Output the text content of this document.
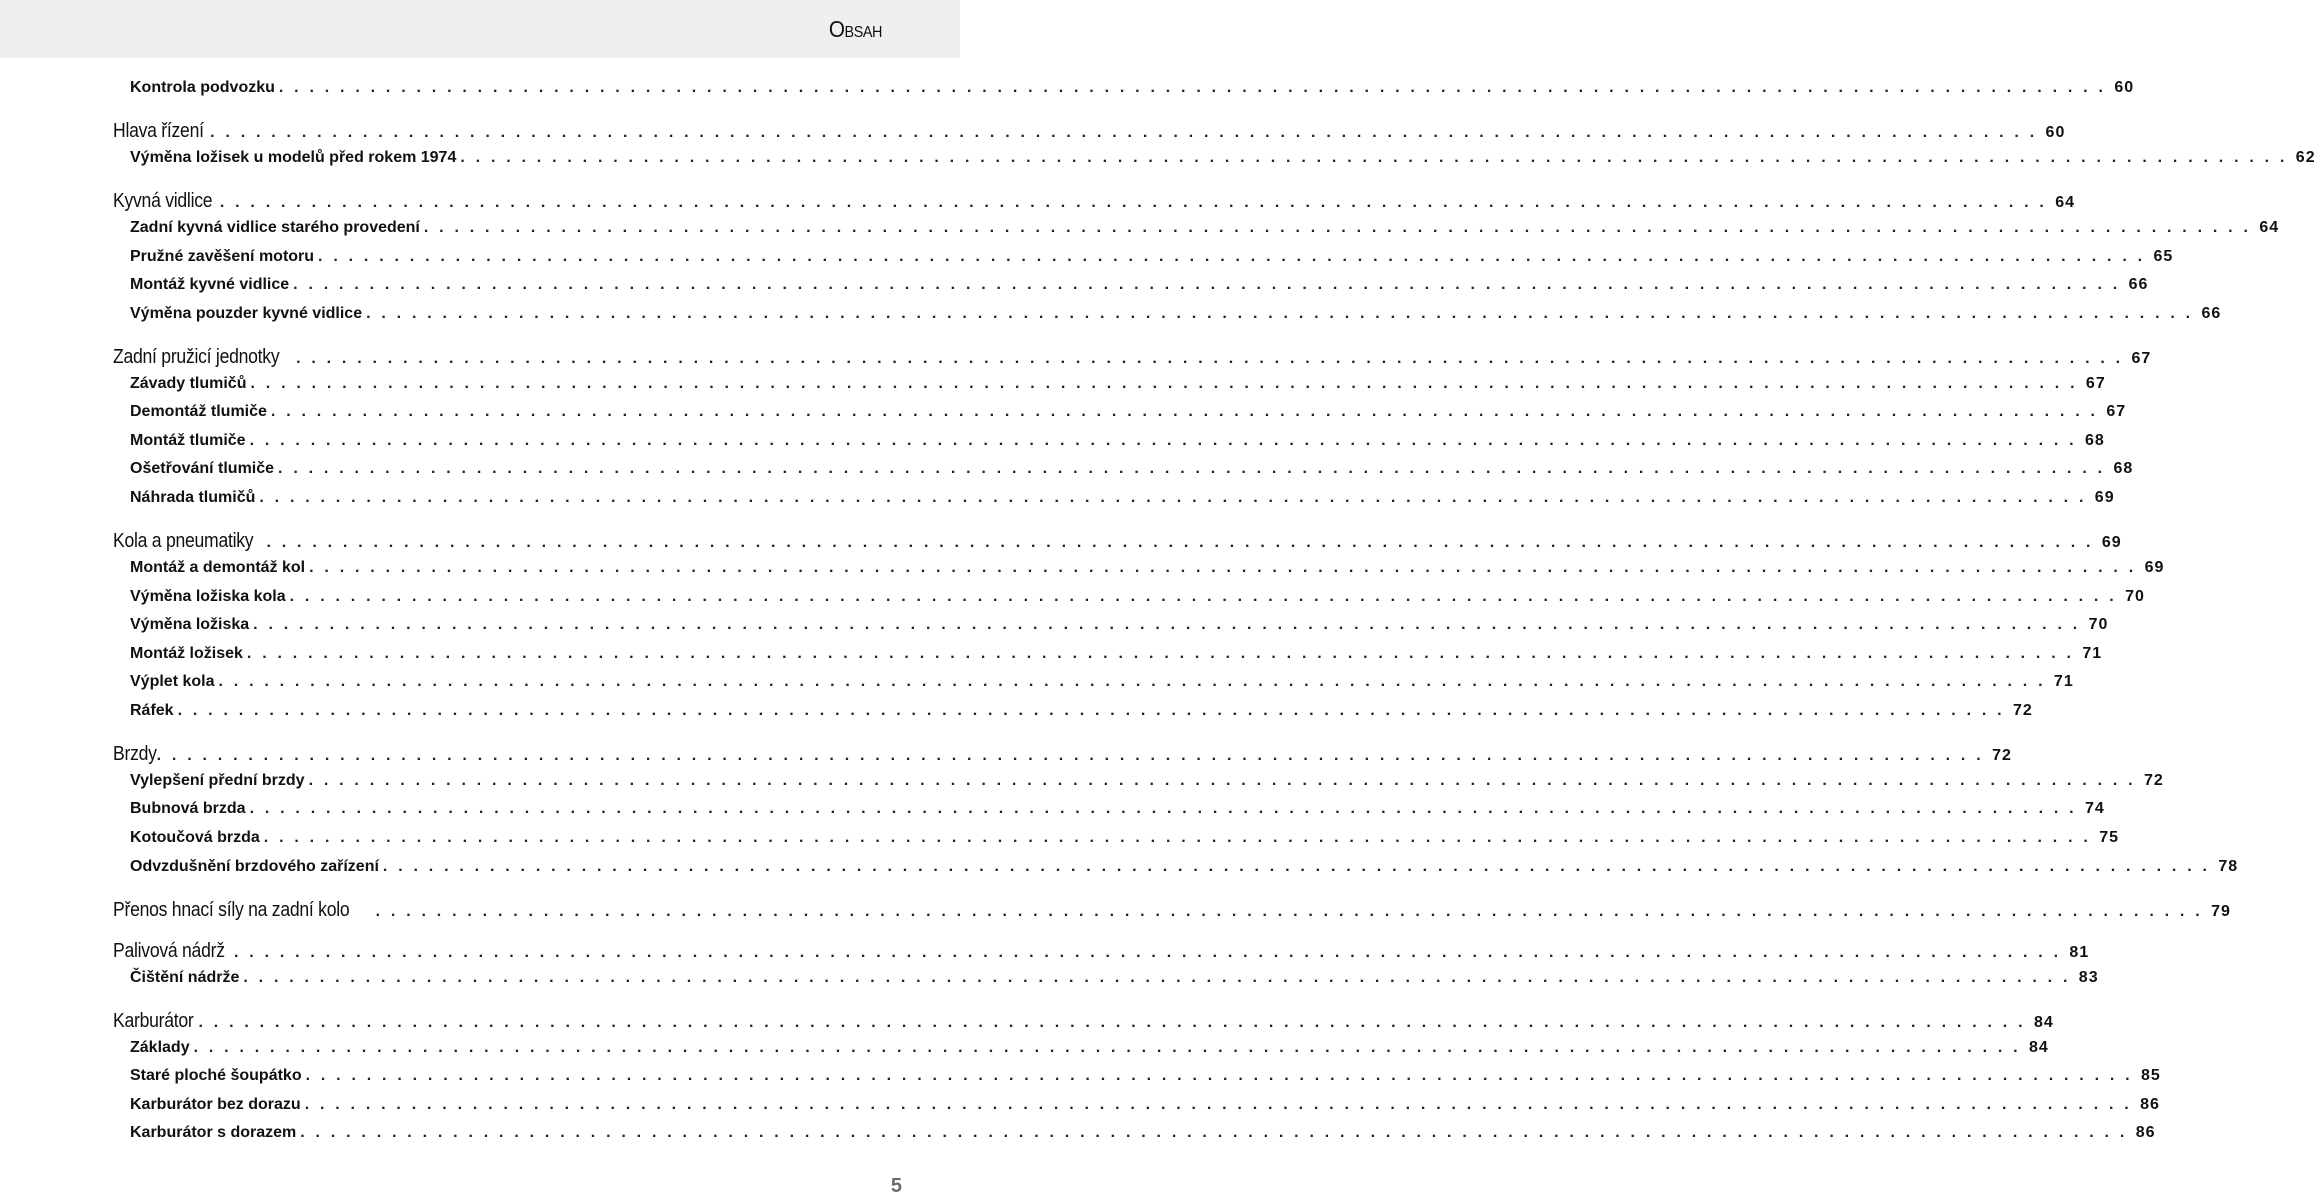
Obsah
Kontrola podvozku . . . . . . . . . . . . . . . . . . . . . . . . . . . . . . . . . . . . . . . . . . . . . . . . . . . . . . . . . . . . . . . . . . . . . . . . . . . . . . . . . . . . . . . . . . . . . . . . . . . . . . . . . . . . . . . . . . . . . . . . 60
Hlava řízení . . . . . . . . . . . . . . . . . . . . . . . . . . . . . . . . . . . . . . . . . . . . . . . . . . . . . . . . . . . . . . . . . . . . . . . . . . . . . . . . . . . . . . . . . . . . . . . . . . . . . . . . . . . . . . . . . . . . . . . . 60
Výměna ložisek u modelů před rokem 1974 . . . . . . . . . . . . . . . . . . . . . . . . . . . . . . . . . . . . . . . . . . . . . . . . . . . . . . . . . . . . . . . . . . . . . . . . . . . . . . . . . . . . . . . . . . . . . . . . . . . . . . . . . . . . . . . . . . . . . . . . 62
Kyvná vidlice . . . . . . . . . . . . . . . . . . . . . . . . . . . . . . . . . . . . . . . . . . . . . . . . . . . . . . . . . . . . . . . . . . . . . . . . . . . . . . . . . . . . . . . . . . . . . . . . . . . . . . . . . . . . . . . . . . . . . . . . 64
Zadní kyvná vidlice starého provedení . . . . . . . . . . . . . . . . . . . . . . . . . . . . . . . . . . . . . . . . . . . . . . . . . . . . . . . . . . . . . . . . . . . . . . . . . . . . . . . . . . . . . . . . . . . . . . . . . . . . . . . . . . . . . . . . . . . . . . . . 64
Pružné zavěšení motoru . . . . . . . . . . . . . . . . . . . . . . . . . . . . . . . . . . . . . . . . . . . . . . . . . . . . . . . . . . . . . . . . . . . . . . . . . . . . . . . . . . . . . . . . . . . . . . . . . . . . . . . . . . . . . . . . . . . . . . . . 65
Montáž kyvné vidlice . . . . . . . . . . . . . . . . . . . . . . . . . . . . . . . . . . . . . . . . . . . . . . . . . . . . . . . . . . . . . . . . . . . . . . . . . . . . . . . . . . . . . . . . . . . . . . . . . . . . . . . . . . . . . . . . . . . . . . . . 66
Výměna pouzder kyvné vidlice . . . . . . . . . . . . . . . . . . . . . . . . . . . . . . . . . . . . . . . . . . . . . . . . . . . . . . . . . . . . . . . . . . . . . . . . . . . . . . . . . . . . . . . . . . . . . . . . . . . . . . . . . . . . . . . . . . . . . . . . 66
Zadní pružicí jednotky . . . . . . . . . . . . . . . . . . . . . . . . . . . . . . . . . . . . . . . . . . . . . . . . . . . . . . . . . . . . . . . . . . . . . . . . . . . . . . . . . . . . . . . . . . . . . . . . . . . . . . . . . . . . . . . . . . . . . . . . 67
Závady tlumičů . . . . . . . . . . . . . . . . . . . . . . . . . . . . . . . . . . . . . . . . . . . . . . . . . . . . . . . . . . . . . . . . . . . . . . . . . . . . . . . . . . . . . . . . . . . . . . . . . . . . . . . . . . . . . . . . . . . . . . . . 67
Demontáž tlumiče . . . . . . . . . . . . . . . . . . . . . . . . . . . . . . . . . . . . . . . . . . . . . . . . . . . . . . . . . . . . . . . . . . . . . . . . . . . . . . . . . . . . . . . . . . . . . . . . . . . . . . . . . . . . . . . . . . . . . . . . 67
Montáž tlumiče . . . . . . . . . . . . . . . . . . . . . . . . . . . . . . . . . . . . . . . . . . . . . . . . . . . . . . . . . . . . . . . . . . . . . . . . . . . . . . . . . . . . . . . . . . . . . . . . . . . . . . . . . . . . . . . . . . . . . . . . 68
Ošetřování tlumiče . . . . . . . . . . . . . . . . . . . . . . . . . . . . . . . . . . . . . . . . . . . . . . . . . . . . . . . . . . . . . . . . . . . . . . . . . . . . . . . . . . . . . . . . . . . . . . . . . . . . . . . . . . . . . . . . . . . . . . . . 68
Náhrada tlumičů . . . . . . . . . . . . . . . . . . . . . . . . . . . . . . . . . . . . . . . . . . . . . . . . . . . . . . . . . . . . . . . . . . . . . . . . . . . . . . . . . . . . . . . . . . . . . . . . . . . . . . . . . . . . . . . . . . . . . . . . 69
Kola a pneumatiky . . . . . . . . . . . . . . . . . . . . . . . . . . . . . . . . . . . . . . . . . . . . . . . . . . . . . . . . . . . . . . . . . . . . . . . . . . . . . . . . . . . . . . . . . . . . . . . . . . . . . . . . . . . . . . . . . . . . . . . . 69
Montáž a demontáž kol . . . . . . . . . . . . . . . . . . . . . . . . . . . . . . . . . . . . . . . . . . . . . . . . . . . . . . . . . . . . . . . . . . . . . . . . . . . . . . . . . . . . . . . . . . . . . . . . . . . . . . . . . . . . . . . . . . . . . . . . 69
Výměna ložiska kola . . . . . . . . . . . . . . . . . . . . . . . . . . . . . . . . . . . . . . . . . . . . . . . . . . . . . . . . . . . . . . . . . . . . . . . . . . . . . . . . . . . . . . . . . . . . . . . . . . . . . . . . . . . . . . . . . . . . . . . . 70
Výměna ložiska . . . . . . . . . . . . . . . . . . . . . . . . . . . . . . . . . . . . . . . . . . . . . . . . . . . . . . . . . . . . . . . . . . . . . . . . . . . . . . . . . . . . . . . . . . . . . . . . . . . . . . . . . . . . . . . . . . . . . . . . 70
Montáž ložisek . . . . . . . . . . . . . . . . . . . . . . . . . . . . . . . . . . . . . . . . . . . . . . . . . . . . . . . . . . . . . . . . . . . . . . . . . . . . . . . . . . . . . . . . . . . . . . . . . . . . . . . . . . . . . . . . . . . . . . . . 71
Výplet kola . . . . . . . . . . . . . . . . . . . . . . . . . . . . . . . . . . . . . . . . . . . . . . . . . . . . . . . . . . . . . . . . . . . . . . . . . . . . . . . . . . . . . . . . . . . . . . . . . . . . . . . . . . . . . . . . . . . . . . . . 71
Ráfek . . . . . . . . . . . . . . . . . . . . . . . . . . . . . . . . . . . . . . . . . . . . . . . . . . . . . . . . . . . . . . . . . . . . . . . . . . . . . . . . . . . . . . . . . . . . . . . . . . . . . . . . . . . . . . . . . . . . . . . . 72
Brzdy . . . . . . . . . . . . . . . . . . . . . . . . . . . . . . . . . . . . . . . . . . . . . . . . . . . . . . . . . . . . . . . . . . . . . . . . . . . . . . . . . . . . . . . . . . . . . . . . . . . . . . . . . . . . . . . . . . . . . . . . 72
Vylepšení přední brzdy . . . . . . . . . . . . . . . . . . . . . . . . . . . . . . . . . . . . . . . . . . . . . . . . . . . . . . . . . . . . . . . . . . . . . . . . . . . . . . . . . . . . . . . . . . . . . . . . . . . . . . . . . . . . . . . . . . . . . . . . 72
Bubnová brzda . . . . . . . . . . . . . . . . . . . . . . . . . . . . . . . . . . . . . . . . . . . . . . . . . . . . . . . . . . . . . . . . . . . . . . . . . . . . . . . . . . . . . . . . . . . . . . . . . . . . . . . . . . . . . . . . . . . . . . . . 74
Kotoučová brzda . . . . . . . . . . . . . . . . . . . . . . . . . . . . . . . . . . . . . . . . . . . . . . . . . . . . . . . . . . . . . . . . . . . . . . . . . . . . . . . . . . . . . . . . . . . . . . . . . . . . . . . . . . . . . . . . . . . . . . . . 75
Odvzdušnění brzdového zařízení . . . . . . . . . . . . . . . . . . . . . . . . . . . . . . . . . . . . . . . . . . . . . . . . . . . . . . . . . . . . . . . . . . . . . . . . . . . . . . . . . . . . . . . . . . . . . . . . . . . . . . . . . . . . . . . . . . . . . . . . 78
Přenos hnací síly na zadní kolo . . . . . . . . . . . . . . . . . . . . . . . . . . . . . . . . . . . . . . . . . . . . . . . . . . . . . . . . . . . . . . . . . . . . . . . . . . . . . . . . . . . . . . . . . . . . . . . . . . . . . . . . . . . . . . . . . . . . . . . . 79
Palivová nádrž . . . . . . . . . . . . . . . . . . . . . . . . . . . . . . . . . . . . . . . . . . . . . . . . . . . . . . . . . . . . . . . . . . . . . . . . . . . . . . . . . . . . . . . . . . . . . . . . . . . . . . . . . . . . . . . . . . . . . . . . 81
Čištění nádrže . . . . . . . . . . . . . . . . . . . . . . . . . . . . . . . . . . . . . . . . . . . . . . . . . . . . . . . . . . . . . . . . . . . . . . . . . . . . . . . . . . . . . . . . . . . . . . . . . . . . . . . . . . . . . . . . . . . . . . . . 83
Karburátor . . . . . . . . . . . . . . . . . . . . . . . . . . . . . . . . . . . . . . . . . . . . . . . . . . . . . . . . . . . . . . . . . . . . . . . . . . . . . . . . . . . . . . . . . . . . . . . . . . . . . . . . . . . . . . . . . . . . . . . . 84
Základy . . . . . . . . . . . . . . . . . . . . . . . . . . . . . . . . . . . . . . . . . . . . . . . . . . . . . . . . . . . . . . . . . . . . . . . . . . . . . . . . . . . . . . . . . . . . . . . . . . . . . . . . . . . . . . . . . . . . . . . . 84
Staré ploché šoupátko . . . . . . . . . . . . . . . . . . . . . . . . . . . . . . . . . . . . . . . . . . . . . . . . . . . . . . . . . . . . . . . . . . . . . . . . . . . . . . . . . . . . . . . . . . . . . . . . . . . . . . . . . . . . . . . . . . . . . . . . 85
Karburátor bez dorazu . . . . . . . . . . . . . . . . . . . . . . . . . . . . . . . . . . . . . . . . . . . . . . . . . . . . . . . . . . . . . . . . . . . . . . . . . . . . . . . . . . . . . . . . . . . . . . . . . . . . . . . . . . . . . . . . . . . . . . . . 86
Karburátor s dorazem . . . . . . . . . . . . . . . . . . . . . . . . . . . . . . . . . . . . . . . . . . . . . . . . . . . . . . . . . . . . . . . . . . . . . . . . . . . . . . . . . . . . . . . . . . . . . . . . . . . . . . . . . . . . . . . . . . . . . . . . 86
5
